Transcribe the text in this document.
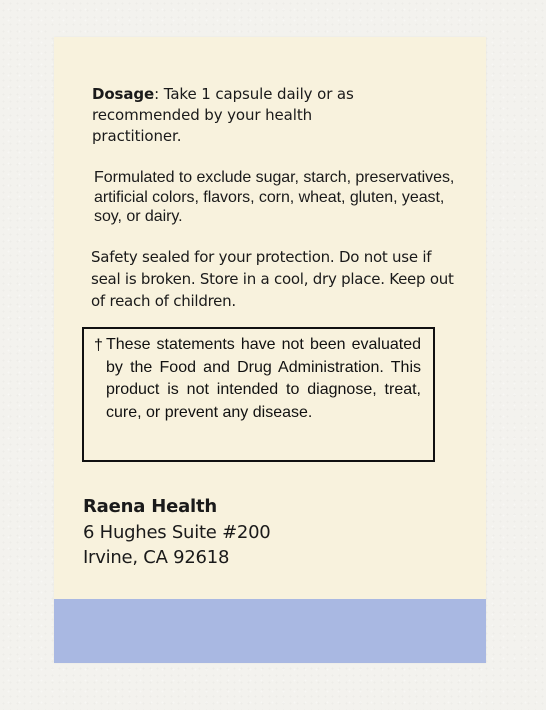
Dosage: Take 1 capsule daily or as recommended by your health practitioner.
Formulated to exclude sugar, starch, preservatives, artificial colors, flavors, corn, wheat, gluten, yeast, soy, or dairy.
Safety sealed for your protection. Do not use if seal is broken. Store in a cool, dry place. Keep out of reach of children.
† These statements have not been evaluated by the Food and Drug Administration. This product is not intended to diagnose, treat, cure, or prevent any disease.
Raena Health
6 Hughes Suite #200
Irvine, CA 92618
